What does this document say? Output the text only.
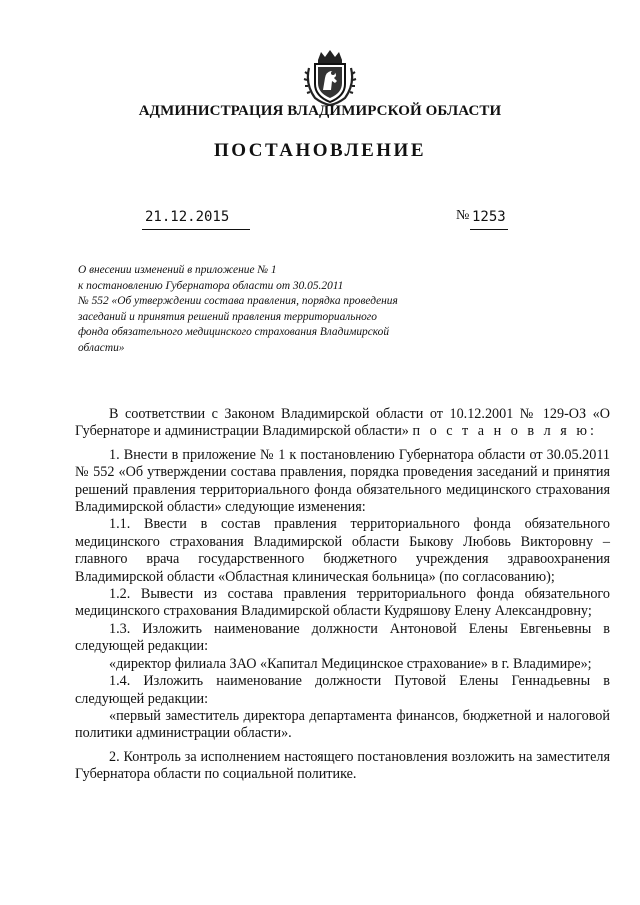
АДМИНИСТРАЦИЯ ВЛАДИМИРСКОЙ ОБЛАСТИ
ПОСТАНОВЛЕНИЕ
21.12.2015	№ 1253
О внесении изменений в приложение № 1
к постановлению Губернатора области от 30.05.2011
№ 552 «Об утверждении состава правления, порядка проведения
заседаний и принятия решений правления территориального
фонда обязательного медицинского страхования Владимирской
области»

В соответствии с Законом Владимирской области от 10.12.2001 № 129-ОЗ «О Губернаторе и администрации Владимирской области» п о с т а н о в л я ю:

1. Внести в приложение № 1 к постановлению Губернатора области от 30.05.2011 № 552 «Об утверждении состава правления, порядка проведения заседаний и принятия решений правления территориального фонда обязательного медицинского страхования Владимирской области» следующие изменения:

1.1. Ввести в состав правления территориального фонда обязательного медицинского страхования Владимирской области Быкову Любовь Викторовну – главного врача государственного бюджетного учреждения здравоохранения Владимирской области «Областная клиническая больница» (по согласованию);

1.2. Вывести из состава правления территориального фонда обязательного медицинского страхования Владимирской области Кудряшову Елену Александровну;

1.3. Изложить наименование должности Антоновой Елены Евгеньевны в следующей редакции:

«директор филиала ЗАО «Капитал Медицинское страхование» в г. Владимире»;

1.4. Изложить наименование должности Путовой Елены Геннадьевны в следующей редакции:

«первый заместитель директора департамента финансов, бюджетной и налоговой политики администрации области».

2. Контроль за исполнением настоящего постановления возложить на заместителя Губернатора области по социальной политике.
